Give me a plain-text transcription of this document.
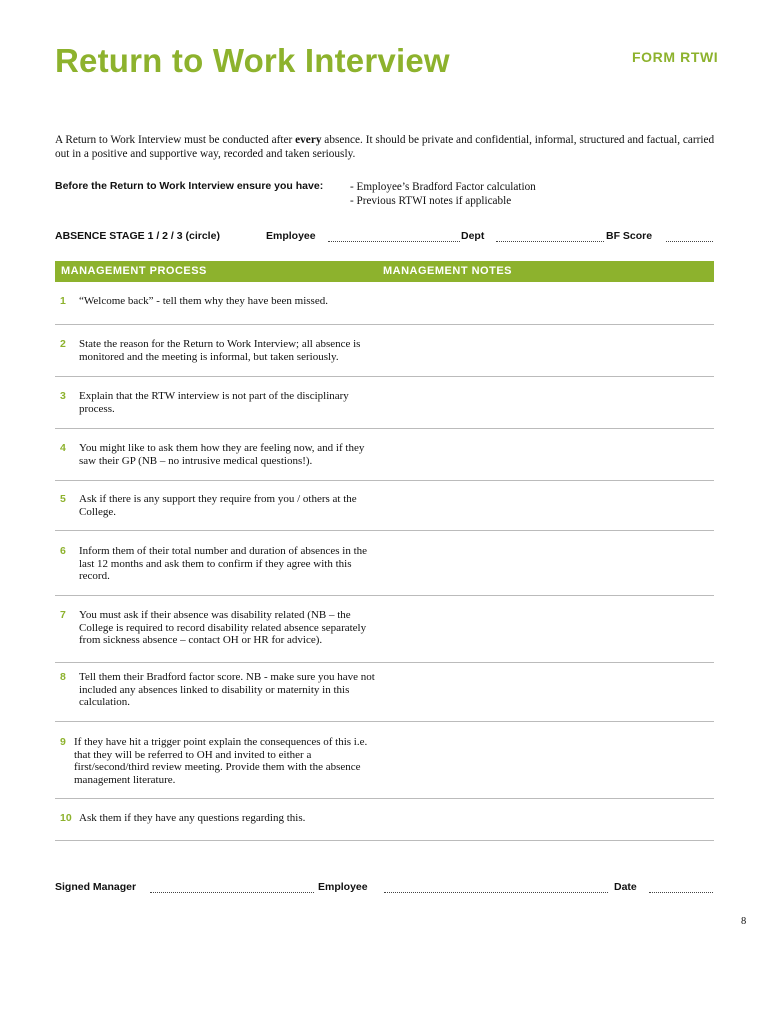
Return to Work Interview	FORM RTWI
A Return to Work Interview must be conducted after every absence. It should be private and confidential, informal, structured and factual, carried out in a positive and supportive way, recorded and taken seriously.
Before the Return to Work Interview ensure you have: - Employee’s Bradford Factor calculation
- Previous RTWI notes if applicable
ABSENCE STAGE 1 / 2 / 3 (circle)	Employee	Dept	BF Score
MANAGEMENT PROCESS	MANAGEMENT NOTES
1 “Welcome back” - tell them why they have been missed.
2 State the reason for the Return to Work Interview; all absence is monitored and the meeting is informal, but taken seriously.
3 Explain that the RTW interview is not part of the disciplinary process.
4 You might like to ask them how they are feeling now, and if they saw their GP (NB – no intrusive medical questions!).
5 Ask if there is any support they require from you / others at the College.
6 Inform them of their total number and duration of absences in the last 12 months and ask them to confirm if they agree with this record.
7 You must ask if their absence was disability related (NB – the College is required to record disability related absence separately from sickness absence – contact OH or HR for advice).
8 Tell them their Bradford factor score. NB - make sure you have not included any absences linked to disability or maternity in this calculation.
9 If they have hit a trigger point explain the consequences of this i.e. that they will be referred to OH and invited to either a first/second/third review meeting. Provide them with the absence management literature.
10 Ask them if they have any questions regarding this.
Signed Manager	Employee	Date
8
